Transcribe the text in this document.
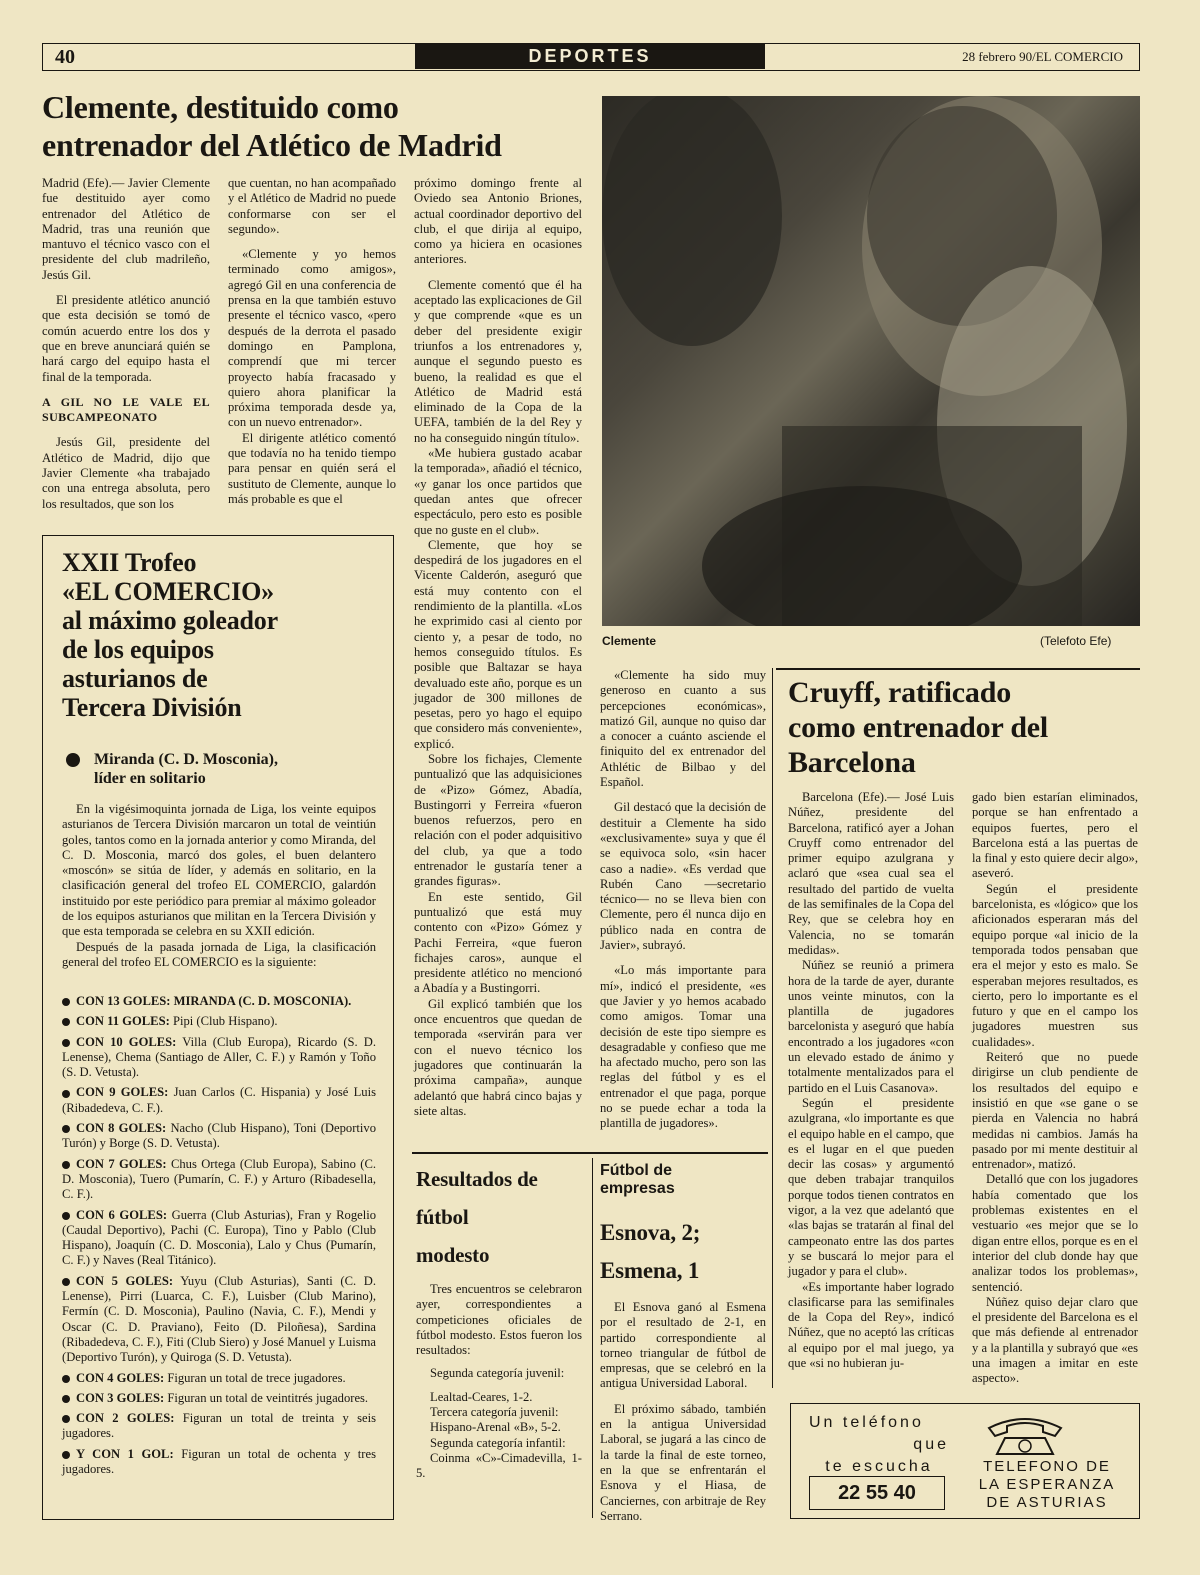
40	DEPORTES	28 febrero 90/EL COMERCIO
Clemente, destituido como
entrenador del Atlético de Madrid

Madrid (Efe).— Javier Clemente fue destituido ayer como entrenador del Atlético de Madrid, tras una reunión que mantuvo el técnico vasco con el presidente del club madrileño, Jesús Gil.

El presidente atlético anunció que esta decisión se tomó de común acuerdo entre los dos y que en breve anunciará quién se hará cargo del equipo hasta el final de la temporada.

A GIL NO LE VALE EL SUBCAMPEONATO

Jesús Gil, presidente del Atlético de Madrid, dijo que Javier Clemente «ha trabajado con una entrega absoluta, pero los resultados, que son los

que cuentan, no han acompañado y el Atlético de Madrid no puede conformarse con ser el segundo».

«Clemente y yo hemos terminado como amigos», agregó Gil en una conferencia de prensa en la que también estuvo presente el técnico vasco, «pero después de la derrota el pasado domingo en Pamplona, comprendí que mi tercer proyecto había fracasado y quiero ahora planificar la próxima temporada desde ya, con un nuevo entrenador».

El dirigente atlético comentó que todavía no ha tenido tiempo para pensar en quién será el sustituto de Clemente, aunque lo más probable es que el

próximo domingo frente al Oviedo sea Antonio Briones, actual coordinador deportivo del club, el que dirija al equipo, como ya hiciera en ocasiones anteriores.

Clemente comentó que él ha aceptado las explicaciones de Gil y que comprende «que es un deber del presidente exigir triunfos a los entrenadores y, aunque el segundo puesto es bueno, la realidad es que el Atlético de Madrid está eliminado de la Copa de la UEFA, también de la del Rey y no ha conseguido ningún título».

«Me hubiera gustado acabar la temporada», añadió el técnico, «y ganar los once partidos que quedan antes que ofrecer espectáculo, pero esto es posible que no guste en el club».

Clemente, que hoy se despedirá de los jugadores en el Vicente Calderón, aseguró que está muy contento con el rendimiento de la plantilla. «Los he exprimido casi al ciento por ciento y, a pesar de todo, no hemos conseguido títulos. Es posible que Baltazar se haya devaluado este año, porque es un jugador de 300 millones de pesetas, pero yo hago el equipo que considero más conveniente», explicó.

Sobre los fichajes, Clemente puntualizó que las adquisiciones de «Pizo» Gómez, Abadía, Bustingorri y Ferreira «fueron buenos refuerzos, pero en relación con el poder adquisitivo del club, ya que a todo entrenador le gustaría tener a grandes figuras».

En este sentido, Gil puntualizó que está muy contento con «Pizo» Gómez y Pachi Ferreira, «que fueron fichajes caros», aunque el presidente atlético no mencionó a Abadía y a Bustingorri.

Gil explicó también que los once encuentros que quedan de temporada «servirán para ver con el nuevo técnico los jugadores que continuarán la próxima campaña», aunque adelantó que habrá cinco bajas y siete altas.

«Clemente ha sido muy generoso en cuanto a sus percepciones económicas», matizó Gil, aunque no quiso dar a conocer a cuánto asciende el finiquito del ex entrenador del Athlétic de Bilbao y del Español.

Gil destacó que la decisión de destituir a Clemente ha sido «exclusivamente» suya y que él se equivoca solo, «sin hacer caso a nadie». «Es verdad que Rubén Cano —secretario técnico— no se lleva bien con Clemente, pero él nunca dijo en público nada en contra de Javier», subrayó.

«Lo más importante para mí», indicó el presidente, «es que Javier y yo hemos acabado como amigos. Tomar una decisión de este tipo siempre es desagradable y confieso que me ha afectado mucho, pero son las reglas del fútbol y es el entrenador el que paga, porque no se puede echar a toda la plantilla de jugadores».

Clemente	(Telefoto Efe)
XXII Trofeo
«EL COMERCIO»
al máximo goleador
de los equipos
asturianos de
Tercera División
Miranda (C. D. Mosconia),
líder en solitario

En la vigésimoquinta jornada de Liga, los veinte equipos asturianos de Tercera División marcaron un total de veintiún goles, tantos como en la jornada anterior y como Miranda, del C. D. Mosconia, marcó dos goles, el buen delantero «moscón» se sitúa de líder, y además en solitario, en la clasificación general del trofeo EL COMERCIO, galardón instituido por este periódico para premiar al máximo goleador de los equipos asturianos que militan en la Tercera División y que esta temporada se celebra en su XXII edición.

Después de la pasada jornada de Liga, la clasificación general del trofeo EL COMERCIO es la siguiente:

CON 13 GOLES: MIRANDA (C. D. MOSCONIA).

CON 11 GOLES: Pipi (Club Hispano).

CON 10 GOLES: Villa (Club Europa), Ricardo (S. D. Lenense), Chema (Santiago de Aller, C. F.) y Ramón y Toño (S. D. Vetusta).

CON 9 GOLES: Juan Carlos (C. Hispania) y José Luis (Ribadedeva, C. F.).

CON 8 GOLES: Nacho (Club Hispano), Toni (Deportivo Turón) y Borge (S. D. Vetusta).

CON 7 GOLES: Chus Ortega (Club Europa), Sabino (C. D. Mosconia), Tuero (Pumarín, C. F.) y Arturo (Ribadesella, C. F.).

CON 6 GOLES: Guerra (Club Asturias), Fran y Rogelio (Caudal Deportivo), Pachi (C. Europa), Tino y Pablo (Club Hispano), Joaquín (C. D. Mosconia), Lalo y Chus (Pumarín, C. F.) y Naves (Real Titánico).

CON 5 GOLES: Yuyu (Club Asturias), Santi (C. D. Lenense), Pirri (Luarca, C. F.), Luisber (Club Marino), Fermín (C. D. Mosconia), Paulino (Navia, C. F.), Mendi y Oscar (C. D. Praviano), Feito (D. Piloñesa), Sardina (Ribadedeva, C. F.), Fiti (Club Siero) y José Manuel y Luisma (Deportivo Turón), y Quiroga (S. D. Vetusta).

CON 4 GOLES: Figuran un total de trece jugadores.

CON 3 GOLES: Figuran un total de veintitrés jugadores.

CON 2 GOLES: Figuran un total de treinta y seis jugadores.

Y CON 1 GOL: Figuran un total de ochenta y tres jugadores.

Resultados de
fútbol
modesto

Tres encuentros se celebraron ayer, correspondientes a competiciones oficiales de fútbol modesto. Estos fueron los resultados:

Segunda categoría juvenil:

Lealtad-Ceares, 1-2.

Tercera categoría juvenil:

Hispano-Arenal «B», 5-2.

Segunda categoría infantil:

Coinma «C»-Cimadevilla, 1-5.

Fútbol de
empresas
Esnova, 2;
Esmena, 1

El Esnova ganó al Esmena por el resultado de 2-1, en partido correspondiente al torneo triangular de fútbol de empresas, que se celebró en la antigua Universidad Laboral.

El próximo sábado, también en la antigua Universidad Laboral, se jugará a las cinco de la tarde la final de este torneo, en la que se enfrentarán el Esnova y el Hiasa, de Canciernes, con arbitraje de Rey Serrano.

Cruyff, ratificado
como entrenador del
Barcelona

Barcelona (Efe).— José Luis Núñez, presidente del Barcelona, ratificó ayer a Johan Cruyff como entrenador del primer equipo azulgrana y aclaró que «sea cual sea el resultado del partido de vuelta de las semifinales de la Copa del Rey, que se celebra hoy en Valencia, no se tomarán medidas».

Núñez se reunió a primera hora de la tarde de ayer, durante unos veinte minutos, con la plantilla de jugadores barcelonista y aseguró que había encontrado a los jugadores «con un elevado estado de ánimo y totalmente mentalizados para el partido en el Luis Casanova».

Según el presidente azulgrana, «lo importante es que el equipo hable en el campo, que es el lugar en el que pueden decir las cosas» y argumentó que deben trabajar tranquilos porque todos tienen contratos en vigor, a la vez que adelantó que «las bajas se tratarán al final del campeonato entre las dos partes y se buscará lo mejor para el jugador y para el club».

«Es importante haber logrado clasificarse para las semifinales de la Copa del Rey», indicó Núñez, que no aceptó las críticas al equipo por el mal juego, ya que «si no hubieran ju-

gado bien estarían eliminados, porque se han enfrentado a equipos fuertes, pero el Barcelona está a las puertas de la final y esto quiere decir algo», aseveró.

Según el presidente barcelonista, es «lógico» que los aficionados esperaran más del equipo porque «al inicio de la temporada todos pensaban que era el mejor y esto es malo. Se esperaban mejores resultados, es cierto, pero lo importante es el futuro y que en el campo los jugadores muestren sus cualidades».

Reiteró que no puede dirigirse un club pendiente de los resultados del equipo e insistió en que «se gane o se pierda en Valencia no habrá medidas ni cambios. Jamás ha pasado por mi mente destituir al entrenador», matizó.

Detalló que con los jugadores había comentado que los problemas existentes en el vestuario «es mejor que se lo digan entre ellos, porque es en el interior del club donde hay que analizar todos los problemas», sentenció.

Núñez quiso dejar claro que el presidente del Barcelona es el que más defiende al entrenador y a la plantilla y subrayó que «es una imagen a imitar en este aspecto».

Un teléfono
que
te escucha
22 55 40
TELEFONO DE
LA ESPERANZA
DE ASTURIAS
